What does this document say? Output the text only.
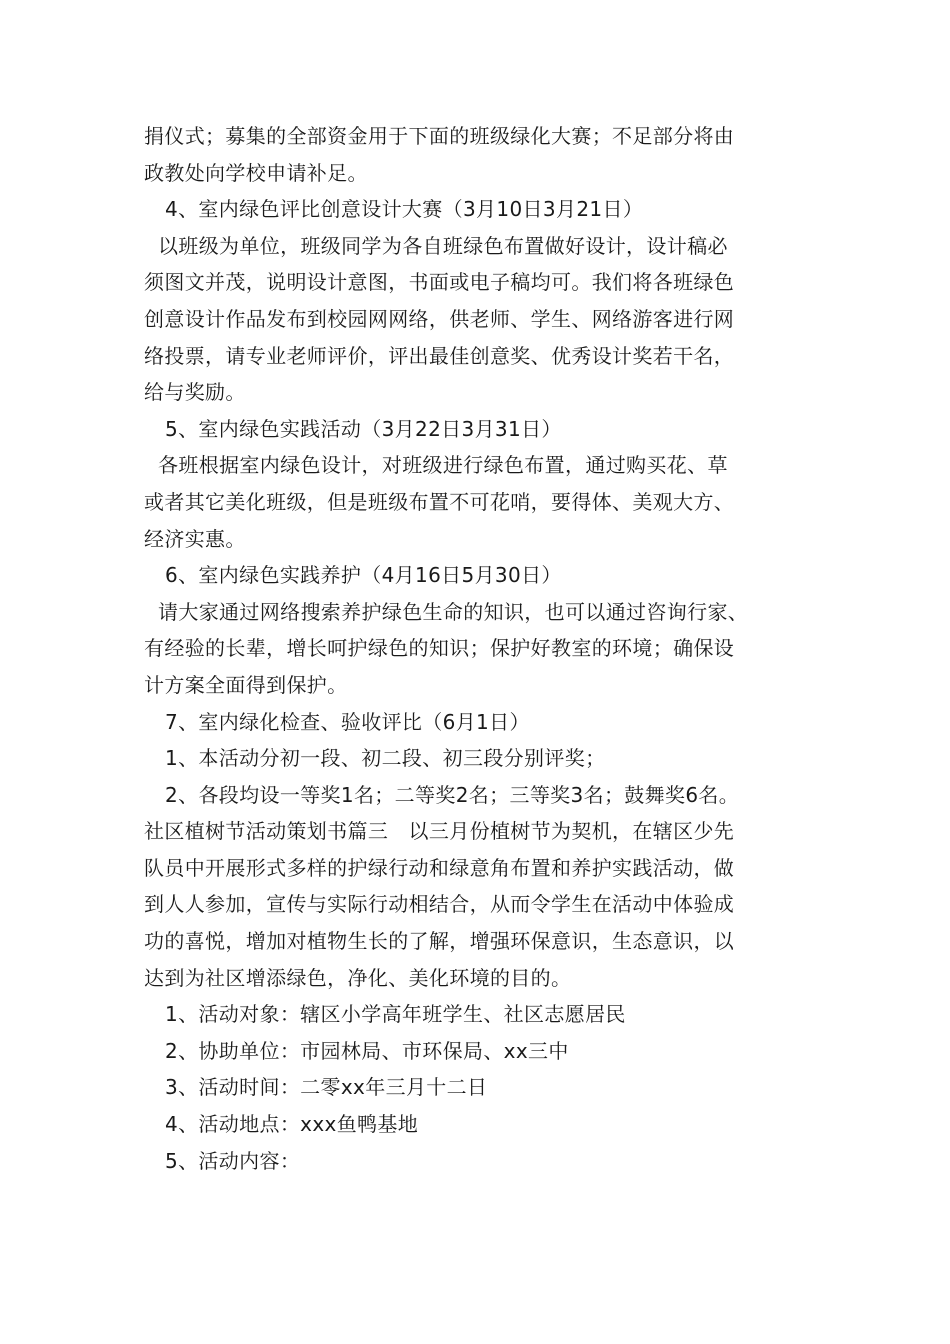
捐仪式；募集的全部资金用于下面的班级绿化大赛；不足部分将由

政教处向学校申请补足。

4、室内绿色评比创意设计大赛（3月10日3月21日）

以班级为单位，班级同学为各自班绿色布置做好设计，设计稿必

须图文并茂，说明设计意图，书面或电子稿均可。我们将各班绿色

创意设计作品发布到校园网网络，供老师、学生、网络游客进行网

络投票，请专业老师评价，评出最佳创意奖、优秀设计奖若干名，

给与奖励。

5、室内绿色实践活动（3月22日3月31日）

各班根据室内绿色设计，对班级进行绿色布置，通过购买花、草

或者其它美化班级，但是班级布置不可花哨，要得体、美观大方、

经济实惠。

6、室内绿色实践养护（4月16日5月30日）

请大家通过网络搜索养护绿色生命的知识，也可以通过咨询行家、

有经验的长辈，增长呵护绿色的知识；保护好教室的环境；确保设

计方案全面得到保护。

7、室内绿化检查、验收评比（6月1日）

1、本活动分初一段、初二段、初三段分别评奖；

2、各段均设一等奖1名；二等奖2名；三等奖3名；鼓舞奖6名。

社区植树节活动策划书篇三　以三月份植树节为契机，在辖区少先

队员中开展形式多样的护绿行动和绿意角布置和养护实践活动，做

到人人参加，宣传与实际行动相结合，从而令学生在活动中体验成

功的喜悦，增加对植物生长的了解，增强环保意识，生态意识，以

达到为社区增添绿色，净化、美化环境的目的。

1、活动对象：辖区小学高年班学生、社区志愿居民

2、协助单位：市园林局、市环保局、xx三中

3、活动时间：二零xx年三月十二日

4、活动地点：xxx鱼鸭基地

5、活动内容：
